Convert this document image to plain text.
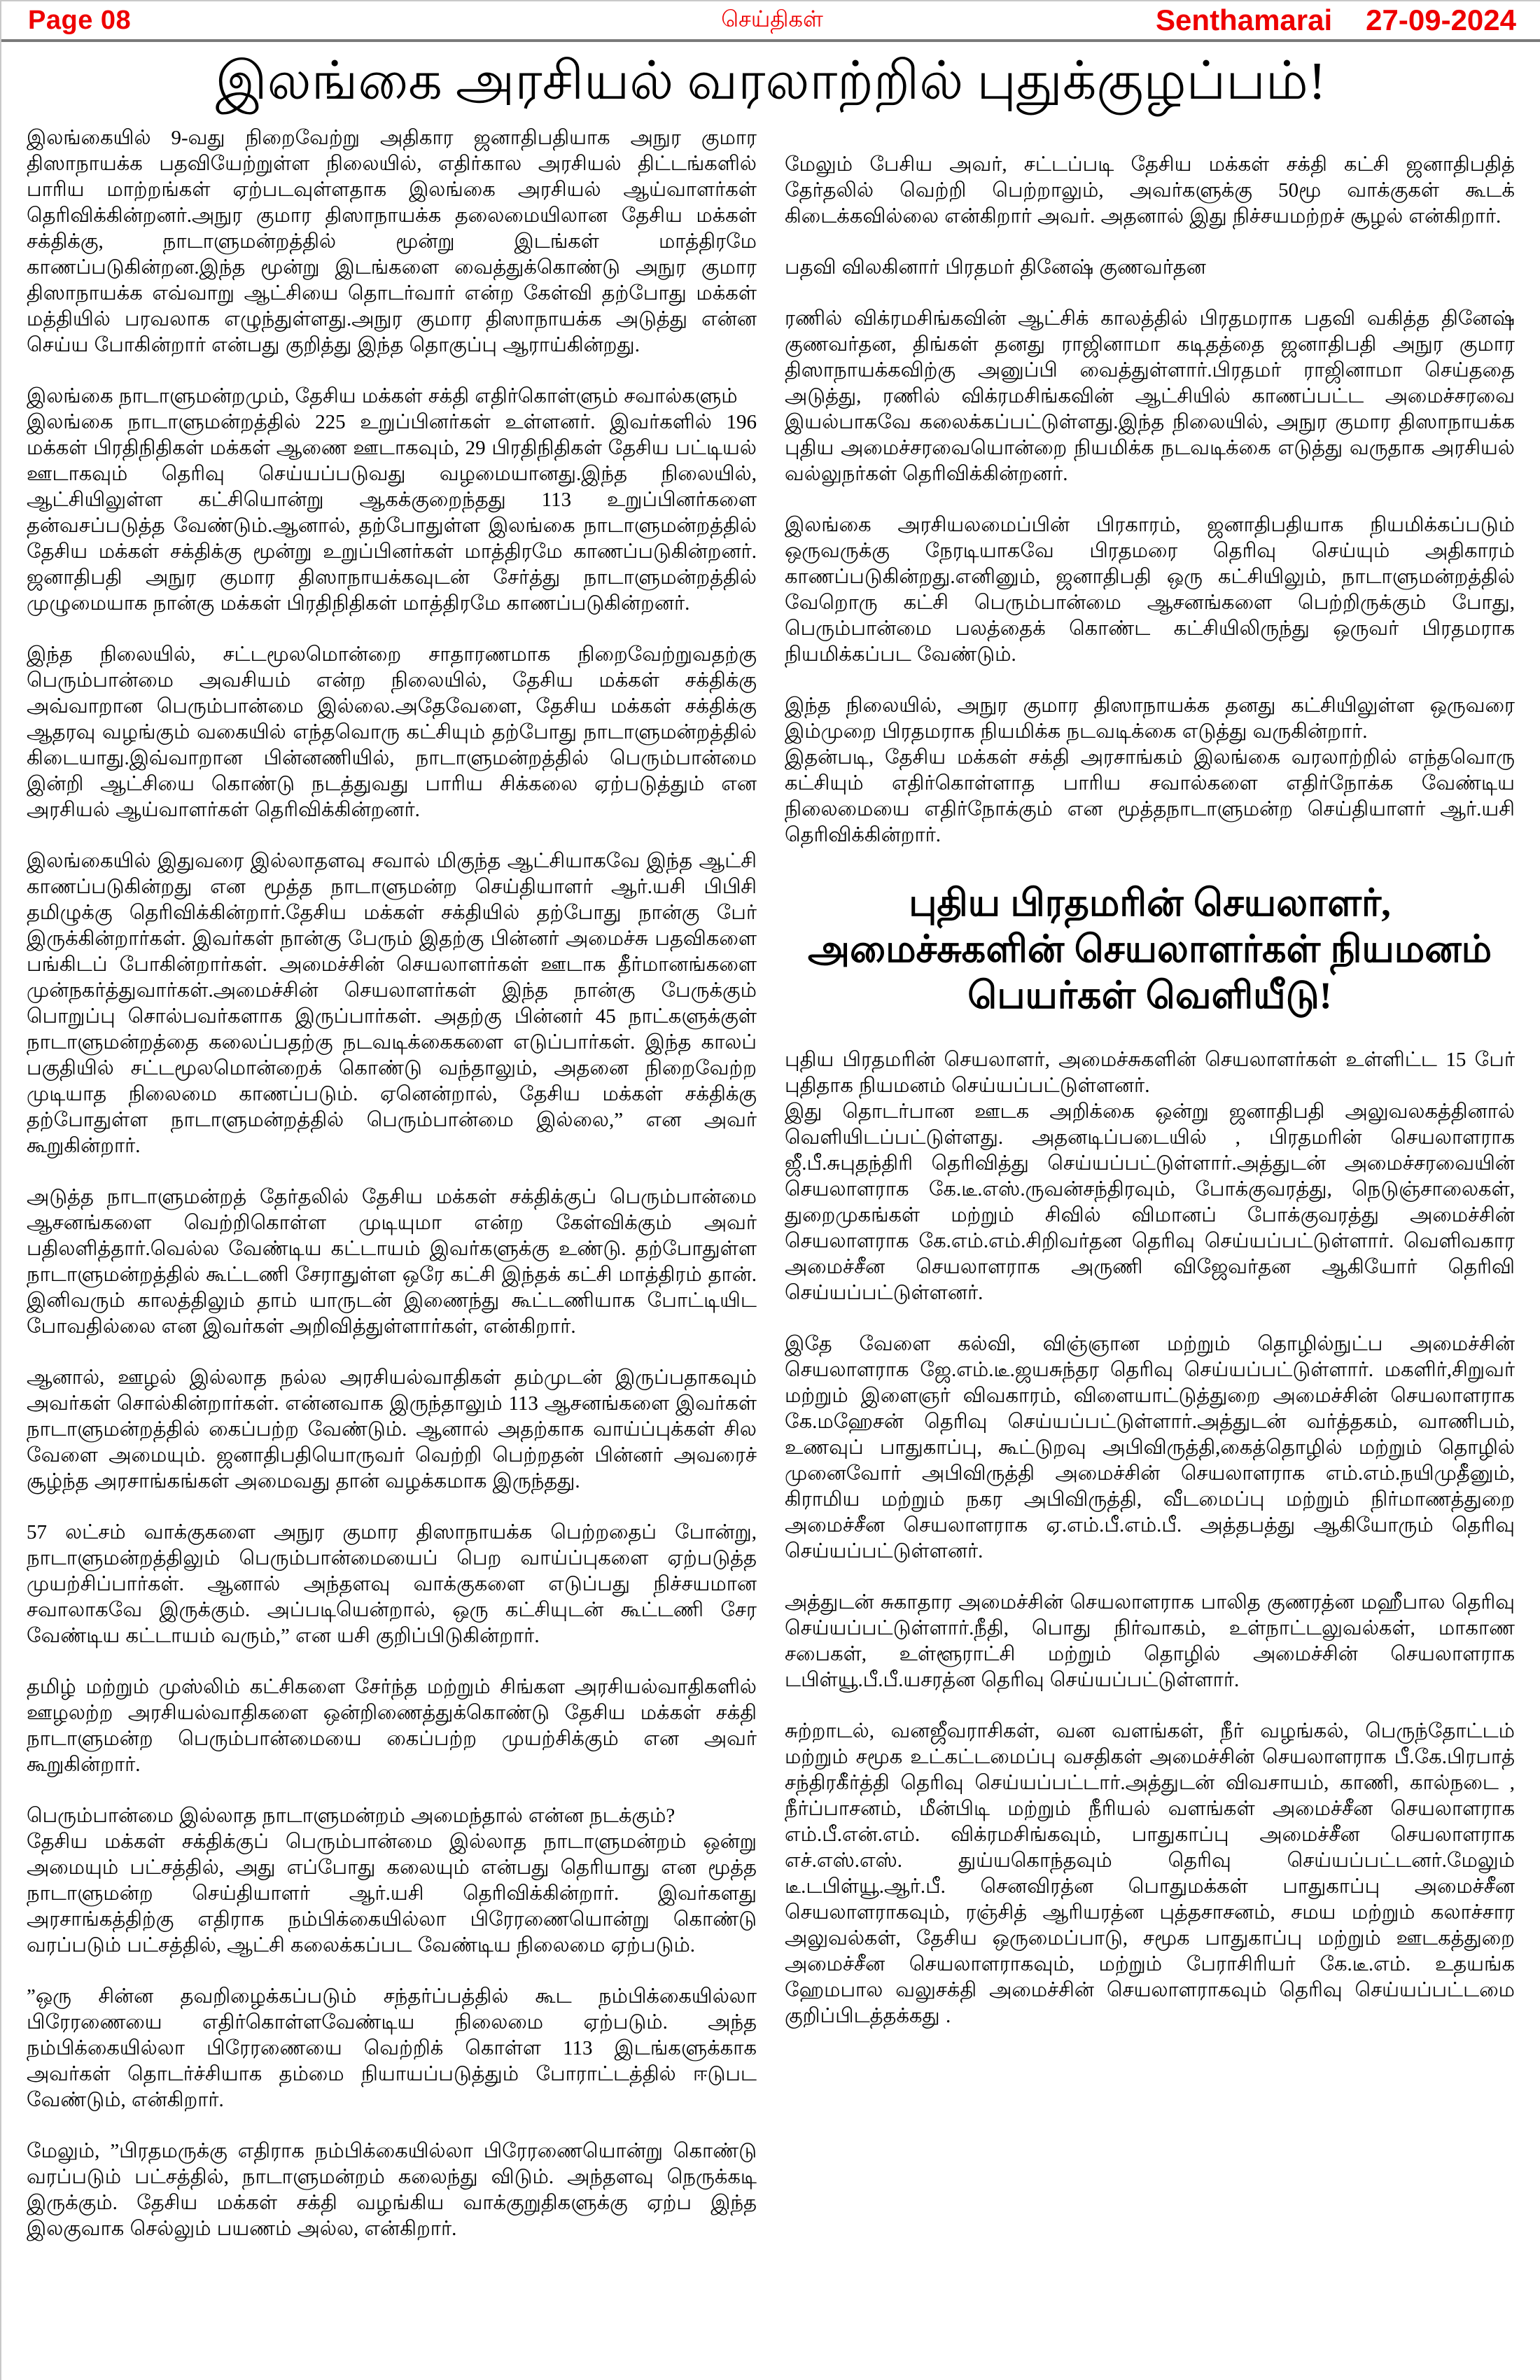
Page 08	செய்திகள்	Senthamarai 27-09-2024
இலங்கை அரசியல் வரலாற்றில் புதுக்குழப்பம்!

இலங்கையில் 9-வது நிறைவேற்று அதிகார ஜனாதிபதியாக அநுர குமார திஸாநாயக்க பதவியேற்றுள்ள நிலையில், எதிர்கால அரசியல் திட்டங்களில் பாரிய மாற்றங்கள் ஏற்படவுள்ளதாக இலங்கை அரசியல் ஆய்வாளர்கள் தெரிவிக்கின்றனர்.அநுர குமார திஸாநாயக்க தலைமையிலான தேசிய மக்கள் சக்திக்கு, நாடாளுமன்றத்தில் மூன்று இடங்கள் மாத்திரமே காணப்படுகின்றன.இந்த மூன்று இடங்களை வைத்துக்கொண்டு அநுர குமார திஸாநாயக்க எவ்வாறு ஆட்சியை தொடர்வார் என்ற கேள்வி தற்போது மக்கள் மத்தியில் பரவலாக எழுந்துள்ளது.அநுர குமார திஸாநாயக்க அடுத்து என்ன செய்ய போகின்றார் என்பது குறித்து இந்த தொகுப்பு ஆராய்கின்றது.

இலங்கை நாடாளுமன்றமும், தேசிய மக்கள் சக்தி எதிர்கொள்ளும் சவால்களும்

இலங்கை நாடாளுமன்றத்தில் 225 உறுப்பினர்கள் உள்ளனர். இவர்களில் 196 மக்கள் பிரதிநிதிகள் மக்கள் ஆணை ஊடாகவும், 29 பிரதிநிதிகள் தேசிய பட்டியல் ஊடாகவும் தெரிவு செய்யப்படுவது வழமையானது.இந்த நிலையில், ஆட்சியிலுள்ள கட்சியொன்று ஆகக்குறைந்தது 113 உறுப்பினர்களை தன்வசப்படுத்த வேண்டும்.ஆனால், தற்போதுள்ள இலங்கை நாடாளுமன்றத்தில் தேசிய மக்கள் சக்திக்கு மூன்று உறுப்பினர்கள் மாத்திரமே காணப்படுகின்றனர். ஜனாதிபதி அநுர குமார திஸாநாயக்கவுடன் சேர்த்து நாடாளுமன்றத்தில் முழுமையாக நான்கு மக்கள் பிரதிநிதிகள் மாத்திரமே காணப்படுகின்றனர்.

இந்த நிலையில், சட்டமூலமொன்றை சாதாரணமாக நிறைவேற்றுவதற்கு பெரும்பான்மை அவசியம் என்ற நிலையில், தேசிய மக்கள் சக்திக்கு அவ்வாறான பெரும்பான்மை இல்லை.அதேவேளை, தேசிய மக்கள் சக்திக்கு ஆதரவு வழங்கும் வகையில் எந்தவொரு கட்சியும் தற்போது நாடாளுமன்றத்தில் கிடையாது.இவ்வாறான பின்னணியில், நாடாளுமன்றத்தில் பெரும்பான்மை இன்றி ஆட்சியை கொண்டு நடத்துவது பாரிய சிக்கலை ஏற்படுத்தும் என அரசியல் ஆய்வாளர்கள் தெரிவிக்கின்றனர்.

இலங்கையில் இதுவரை இல்லாதளவு சவால் மிகுந்த ஆட்சியாகவே இந்த ஆட்சி காணப்படுகின்றது என மூத்த நாடாளுமன்ற செய்தியாளர் ஆர்.யசி பிபிசி தமிழுக்கு தெரிவிக்கின்றார்.தேசிய மக்கள் சக்தியில் தற்போது நான்கு பேர் இருக்கின்றார்கள். இவர்கள் நான்கு பேரும் இதற்கு பின்னர் அமைச்சு பதவிகளை பங்கிடப் போகின்றார்கள். அமைச்சின் செயலாளர்கள் ஊடாக தீர்மானங்களை முன்நகர்த்துவார்கள்.அமைச்சின் செயலாளர்கள் இந்த நான்கு பேருக்கும் பொறுப்பு சொல்பவர்களாக இருப்பார்கள். அதற்கு பின்னர் 45 நாட்களுக்குள் நாடாளுமன்றத்தை கலைப்பதற்கு நடவடிக்கைகளை எடுப்பார்கள். இந்த காலப் பகுதியில் சட்டமூலமொன்றைக் கொண்டு வந்தாலும், அதனை நிறைவேற்ற முடியாத நிலைமை காணப்படும். ஏனென்றால், தேசிய மக்கள் சக்திக்கு தற்போதுள்ள நாடாளுமன்றத்தில் பெரும்பான்மை இல்லை,” என அவர் கூறுகின்றார்.

அடுத்த நாடாளுமன்றத் தேர்தலில் தேசிய மக்கள் சக்திக்குப் பெரும்பான்மை ஆசனங்களை வெற்றிகொள்ள முடியுமா என்ற கேள்விக்கும் அவர் பதிலளித்தார்.வெல்ல வேண்டிய கட்டாயம் இவர்களுக்கு உண்டு. தற்போதுள்ள நாடாளுமன்றத்தில் கூட்டணி சேராதுள்ள ஒரே கட்சி இந்தக் கட்சி மாத்திரம் தான். இனிவரும் காலத்திலும் தாம் யாருடன் இணைந்து கூட்டணியாக போட்டியிட போவதில்லை என இவர்கள் அறிவித்துள்ளார்கள், என்கிறார்.

ஆனால், ஊழல் இல்லாத நல்ல அரசியல்வாதிகள் தம்முடன் இருப்பதாகவும் அவர்கள் சொல்கின்றார்கள். என்னவாக இருந்தாலும் 113 ஆசனங்களை இவர்கள் நாடாளுமன்றத்தில் கைப்பற்ற வேண்டும். ஆனால் அதற்காக வாய்ப்புக்கள் சில வேளை அமையும். ஜனாதிபதியொருவர் வெற்றி பெற்றதன் பின்னர் அவரைச் சூழ்ந்த அரசாங்கங்கள் அமைவது தான் வழக்கமாக இருந்தது.

57 லட்சம் வாக்குகளை அநுர குமார திஸாநாயக்க பெற்றதைப் போன்று, நாடாளுமன்றத்திலும் பெரும்பான்மையைப் பெற வாய்ப்புகளை ஏற்படுத்த முயற்சிப்பார்கள். ஆனால் அந்தளவு வாக்குகளை எடுப்பது நிச்சயமான சவாலாகவே இருக்கும். அப்படியென்றால், ஒரு கட்சியுடன் கூட்டணி சேர வேண்டிய கட்டாயம் வரும்,” என யசி குறிப்பிடுகின்றார்.

தமிழ் மற்றும் முஸ்லிம் கட்சிகளை சேர்ந்த மற்றும் சிங்கள அரசியல்வாதிகளில் ஊழலற்ற அரசியல்வாதிகளை ஒன்றிணைத்துக்கொண்டு தேசிய மக்கள் சக்தி நாடாளுமன்ற பெரும்பான்மையை கைப்பற்ற முயற்சிக்கும் என அவர் கூறுகின்றார்.

பெரும்பான்மை இல்லாத நாடாளுமன்றம் அமைந்தால் என்ன நடக்கும்?

தேசிய மக்கள் சக்திக்குப் பெரும்பான்மை இல்லாத நாடாளுமன்றம் ஒன்று அமையும் பட்சத்தில், அது எப்போது கலையும் என்பது தெரியாது என மூத்த நாடாளுமன்ற செய்தியாளர் ஆர்.யசி தெரிவிக்கின்றார். இவர்களது அரசாங்கத்திற்கு எதிராக நம்பிக்கையில்லா பிரேரணையொன்று கொண்டு வரப்படும் பட்சத்தில், ஆட்சி கலைக்கப்பட வேண்டிய நிலைமை ஏற்படும்.

”ஒரு சின்ன தவறிழைக்கப்படும் சந்தர்ப்பத்தில் கூட நம்பிக்கையில்லா பிரேரணையை எதிர்கொள்ளவேண்டிய நிலைமை ஏற்படும். அந்த நம்பிக்கையில்லா பிரேரணையை வெற்றிக் கொள்ள 113 இடங்களுக்காக அவர்கள் தொடர்ச்சியாக தம்மை நியாயப்படுத்தும் போராட்டத்தில் ஈடுபட வேண்டும், என்கிறார்.

மேலும், ”பிரதமருக்கு எதிராக நம்பிக்கையில்லா பிரேரணையொன்று கொண்டு வரப்படும் பட்சத்தில், நாடாளுமன்றம் கலைந்து விடும். அந்தளவு நெருக்கடி இருக்கும். தேசிய மக்கள் சக்தி வழங்கிய வாக்குறுதிகளுக்கு ஏற்ப இந்த இலகுவாக செல்லும் பயணம் அல்ல, என்கிறார்.

மேலும் பேசிய அவர், சட்டப்படி தேசிய மக்கள் சக்தி கட்சி ஜனாதிபதித் தேர்தலில் வெற்றி பெற்றாலும், அவர்களுக்கு 50மூ வாக்குகள் கூடக் கிடைக்கவில்லை என்கிறார் அவர். அதனால் இது நிச்சயமற்றச் சூழல் என்கிறார்.

பதவி விலகினார் பிரதமர் தினேஷ் குணவர்தன

ரணில் விக்ரமசிங்கவின் ஆட்சிக் காலத்தில் பிரதமராக பதவி வகித்த தினேஷ் குணவர்தன, திங்கள் தனது ராஜினாமா கடிதத்தை ஜனாதிபதி அநுர குமார திஸாநாயக்கவிற்கு அனுப்பி வைத்துள்ளார்.பிரதமர் ராஜினாமா செய்ததை அடுத்து, ரணில் விக்ரமசிங்கவின் ஆட்சியில் காணப்பட்ட அமைச்சரவை இயல்பாகவே கலைக்கப்பட்டுள்ளது.இந்த நிலையில், அநுர குமார திஸாநாயக்க புதிய அமைச்சரவையொன்றை நியமிக்க நடவடிக்கை எடுத்து வருதாக அரசியல் வல்லுநர்கள் தெரிவிக்கின்றனர்.

இலங்கை அரசியலமைப்பின் பிரகாரம், ஜனாதிபதியாக நியமிக்கப்படும் ஒருவருக்கு நேரடியாகவே பிரதமரை தெரிவு செய்யும் அதிகாரம் காணப்படுகின்றது.எனினும், ஜனாதிபதி ஒரு கட்சியிலும், நாடாளுமன்றத்தில் வேறொரு கட்சி பெரும்பான்மை ஆசனங்களை பெற்றிருக்கும் போது, பெரும்பான்மை பலத்தைக் கொண்ட கட்சியிலிருந்து ஒருவர் பிரதமராக நியமிக்கப்பட வேண்டும்.

இந்த நிலையில், அநுர குமார திஸாநாயக்க தனது கட்சியிலுள்ள ஒருவரை இம்முறை பிரதமராக நியமிக்க நடவடிக்கை எடுத்து வருகின்றார்.

இதன்படி, தேசிய மக்கள் சக்தி அரசாங்கம் இலங்கை வரலாற்றில் எந்தவொரு கட்சியும் எதிர்கொள்ளாத பாரிய சவால்களை எதிர்நோக்க வேண்டிய நிலைமையை எதிர்நோக்கும் என மூத்தநாடாளுமன்ற செய்தியாளர் ஆர்.யசி தெரிவிக்கின்றார்.

புதிய பிரதமரின் செயலாளர், அமைச்சுகளின் செயலாளர்கள் நியமனம் பெயர்கள் வெளியீடு!

புதிய பிரதமரின் செயலாளர், அமைச்சுகளின் செயலாளர்கள் உள்ளிட்ட 15 பேர் புதிதாக நியமனம் செய்யப்பட்டுள்ளனர்.

இது தொடர்பான ஊடக அறிக்கை ஒன்று ஜனாதிபதி அலுவலகத்தினால் வெளியிடப்பட்டுள்ளது. அதனடிப்படையில் , பிரதமரின் செயலாளராக ஜீ.பீ.சுபுதந்திரி தெரிவித்து செய்யப்பட்டுள்ளார்.அத்துடன் அமைச்சரவையின் செயலாளராக கே.டீ.எஸ்.ருவன்சந்திரவும், போக்குவரத்து, நெடுஞ்சாலைகள், துறைமுகங்கள் மற்றும் சிவில் விமானப் போக்குவரத்து அமைச்சின் செயலாளராக கே.எம்.எம்.சிறிவர்தன தெரிவு செய்யப்பட்டுள்ளார். வெளிவகார அமைச்சீன செயலாளராக அருணி விஜேவர்தன ஆகியோர் தெரிவி செய்யப்பட்டுள்ளனர்.

இதே வேளை கல்வி, விஞ்ஞான மற்றும் தொழில்நுட்ப அமைச்சின் செயலாளராக ஜே.எம்.டீ.ஜயசுந்தர தெரிவு செய்யப்பட்டுள்ளார். மகளிர்,சிறுவர் மற்றும் இளைஞர் விவகாரம், விளையாட்டுத்துறை அமைச்சின் செயலாளராக கே.மஹேசன் தெரிவு செய்யப்பட்டுள்ளார்.அத்துடன் வர்த்தகம், வாணிபம், உணவுப் பாதுகாப்பு, கூட்டுறவு அபிவிருத்தி,கைத்தொழில் மற்றும் தொழில் முனைவோர் அபிவிருத்தி அமைச்சின் செயலாளராக எம்.எம்.நயிமுதீனும், கிராமிய மற்றும் நகர அபிவிருத்தி, வீடமைப்பு மற்றும் நிர்மாணத்துறை அமைச்சீன செயலாளராக ஏ.எம்.பீ.எம்.பீ. அத்தபத்து ஆகியோரும் தெரிவு செய்யப்பட்டுள்ளனர்.

அத்துடன் சுகாதார அமைச்சின் செயலாளராக பாலித குணரத்ன மஹீபால தெரிவு செய்யப்பட்டுள்ளார்.நீதி, பொது நிர்வாகம், உள்நாட்டலுவல்கள், மாகாண சபைகள், உள்ளூராட்சி மற்றும் தொழில் அமைச்சின் செயலாளராக டபிள்யூ.பீ.பீ.யசரத்ன தெரிவு செய்யப்பட்டுள்ளார்.

சுற்றாடல், வனஜீவராசிகள், வன வளங்கள், நீர் வழங்கல், பெருந்தோட்டம் மற்றும் சமூக உட்கட்டமைப்பு வசதிகள் அமைச்சின் செயலாளராக பீ.கே.பிரபாத் சந்திரகீர்த்தி தெரிவு செய்யப்பட்டார்.அத்துடன் விவசாயம், காணி, கால்நடை , நீர்ப்பாசனம், மீன்பிடி மற்றும் நீரியல் வளங்கள் அமைச்சீன செயலாளராக எம்.பீ.என்.எம். விக்ரமசிங்கவும், பாதுகாப்பு அமைச்சீன செயலாளராக எச்.எஸ்.எஸ். துய்யகொந்தவும் தெரிவு செய்யப்பட்டனர்.மேலும் டீ.டபிள்யூ.ஆர்.பீ. செனவிரத்ன பொதுமக்கள் பாதுகாப்பு அமைச்சீன செயலாளராகவும், ரஞ்சித் ஆரியரத்ன புத்தசாசனம், சமய மற்றும் கலாச்சார அலுவல்கள், தேசிய ஒருமைப்பாடு, சமூக பாதுகாப்பு மற்றும் ஊடகத்துறை அமைச்சீன செயலாளராகவும், மற்றும் பேராசிரியர் கே.டீ.எம். உதயங்க ஹேமபால வலுசக்தி அமைச்சின் செயலாளராகவும் தெரிவு செய்யப்பட்டமை குறிப்பிடத்தக்கது .
